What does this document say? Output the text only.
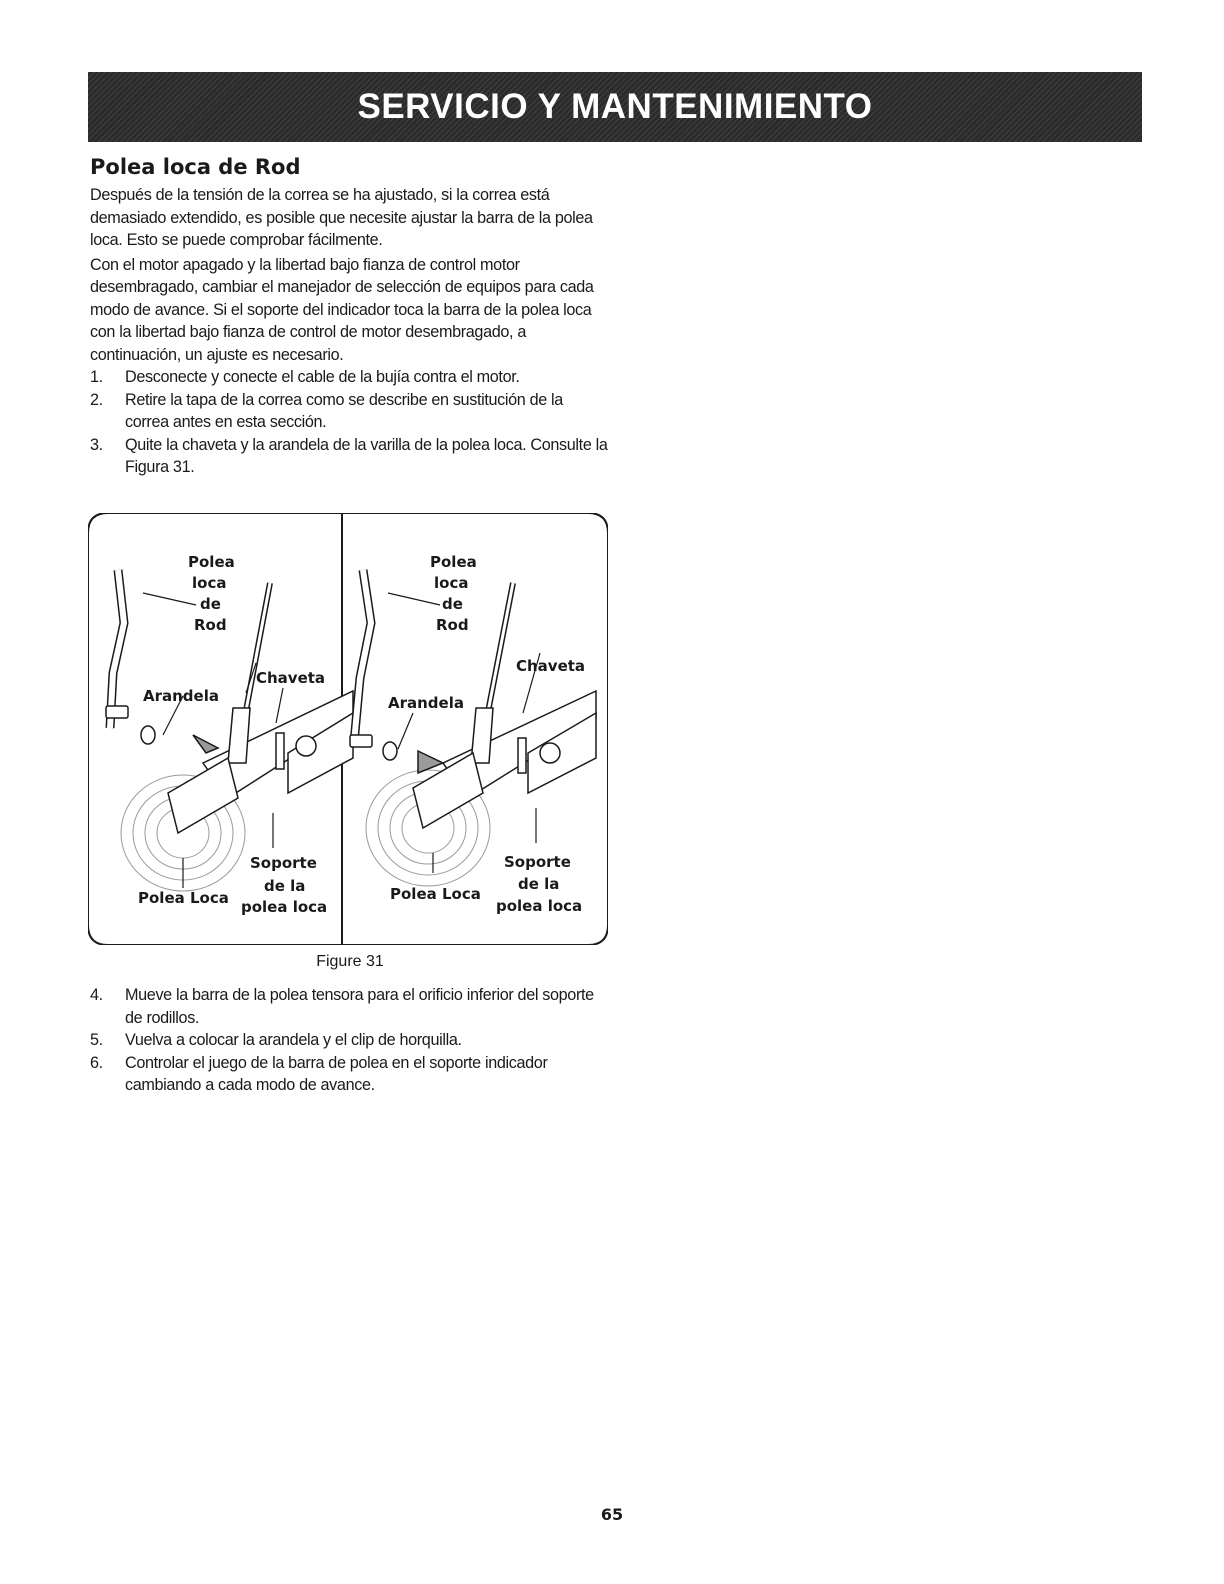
SERVICIO Y MANTENIMIENTO
Polea loca de Rod

Después de la tensión de la correa se ha ajustado, si la correa está demasiado extendido, es posible que necesite ajustar la barra de la polea loca. Esto se puede comprobar fácilmente.

Con el motor apagado y la libertad bajo fianza de control motor desembragado, cambiar el manejador de selección de equipos para cada modo de avance. Si el soporte del indicador toca la barra de la polea loca con la libertad bajo fianza de control de motor desembragado, a continuación, un ajuste es necesario.

1.	Desconecte y conecte el cable de la bujía contra el motor.
2.	Retire la tapa de la correa como se describe en sustitución de la correa antes en esta sección.
3.	Quite la chaveta y la arandela de la varilla de la polea loca. Consulte la Figura 31.
Polea
loca
de
Rod
Chaveta
Arandela
Soporte
de la
polea loca
Polea Loca
Polea
loca
de
Rod
Chaveta
Arandela
Soporte
de la
polea loca
Polea Loca
Figure 31
4.	Mueve la barra de la polea tensora para el orificio inferior del soporte de rodillos.
5.	Vuelva a colocar la arandela y el clip de horquilla.
6.	Controlar el juego de la barra de polea en el soporte indicador cambiando a cada modo de avance.
65
